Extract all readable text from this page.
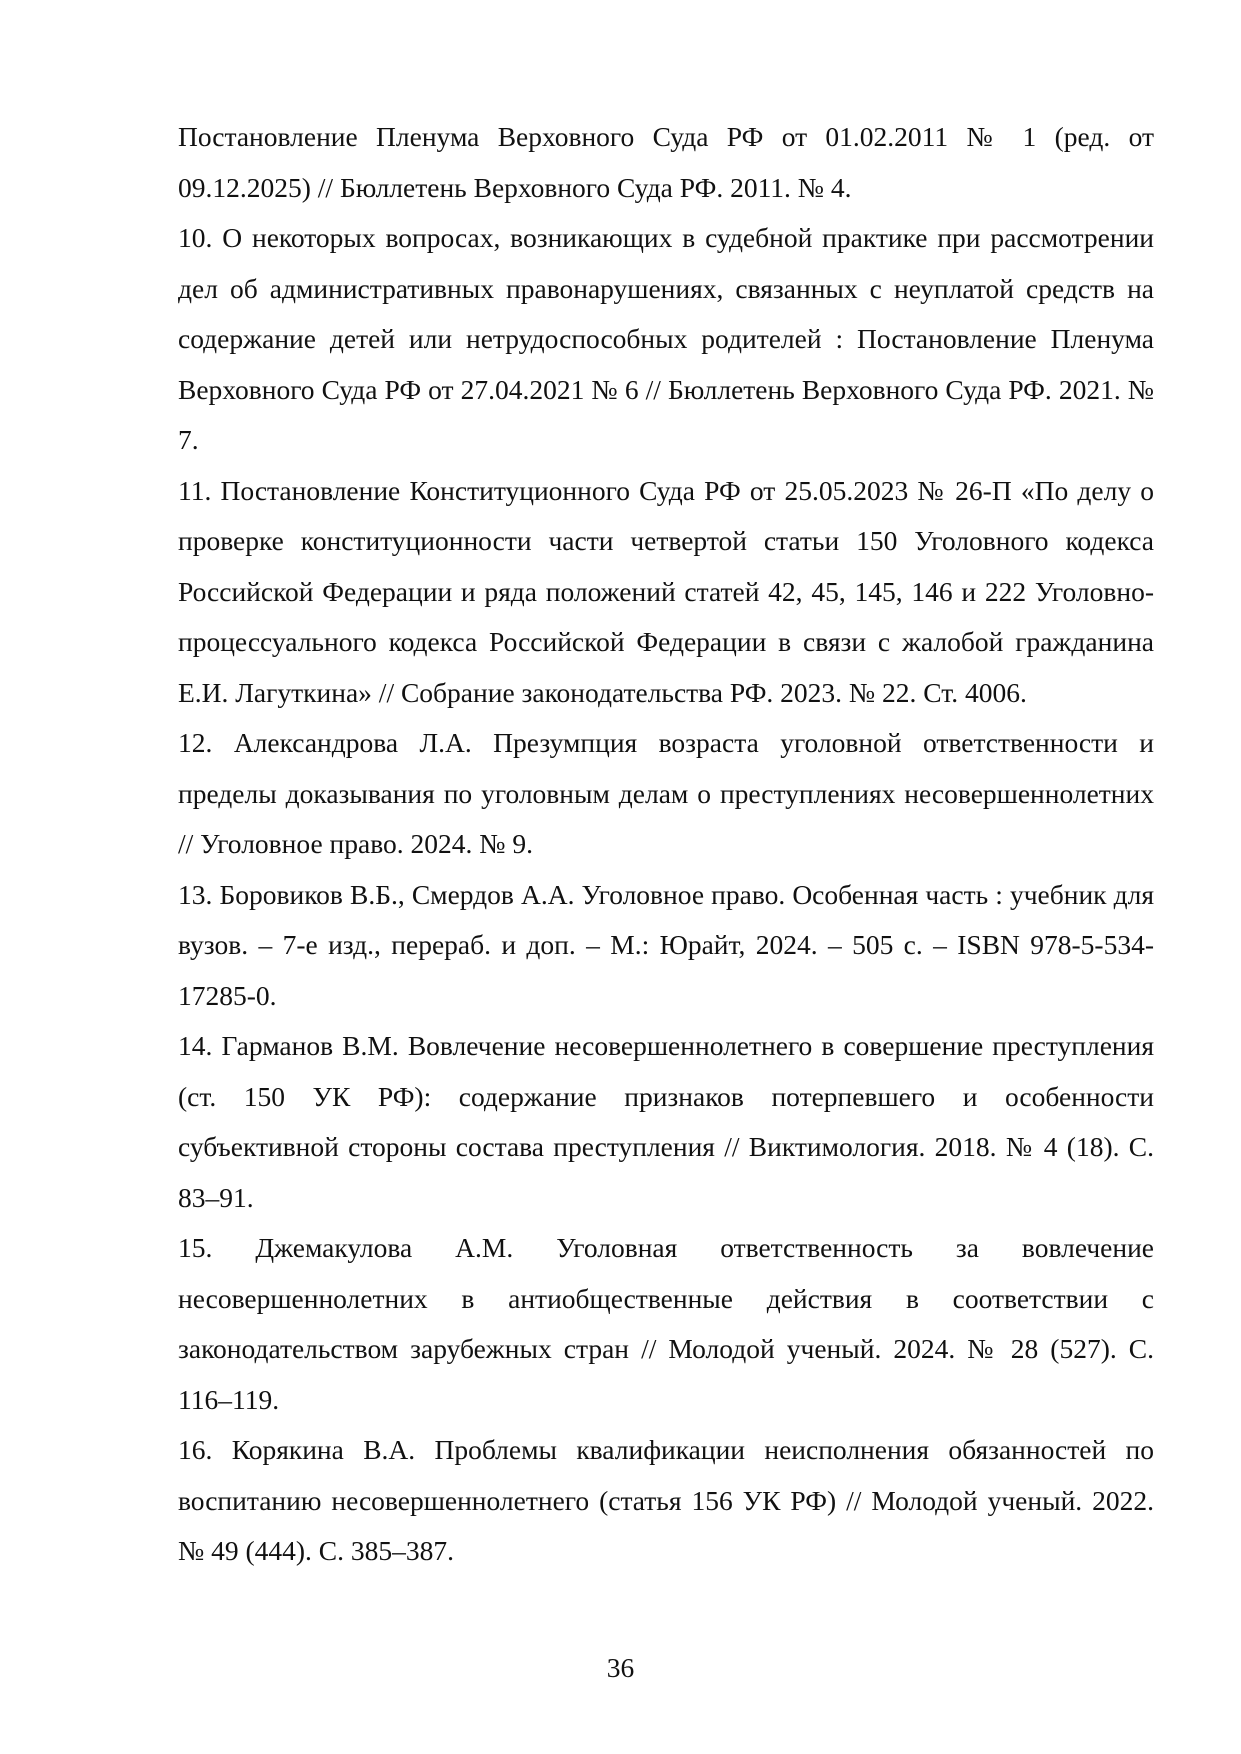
Постановление Пленума Верховного Суда РФ от 01.02.2011 № 1 (ред. от 09.12.2025) // Бюллетень Верховного Суда РФ. 2011. № 4.

10. О некоторых вопросах, возникающих в судебной практике при рассмотрении дел об административных правонарушениях, связанных с неуплатой средств на содержание детей или нетрудоспособных родителей : Постановление Пленума Верховного Суда РФ от 27.04.2021 № 6 // Бюллетень Верховного Суда РФ. 2021. № 7.

11. Постановление Конституционного Суда РФ от 25.05.2023 № 26-П «По делу о проверке конституционности части четвертой статьи 150 Уголовного кодекса Российской Федерации и ряда положений статей 42, 45, 145, 146 и 222 Уголовно-процессуального кодекса Российской Федерации в связи с жалобой гражданина Е.И. Лагуткина» // Собрание законодательства РФ. 2023. № 22. Ст. 4006.

12. Александрова Л.А. Презумпция возраста уголовной ответственности и пределы доказывания по уголовным делам о преступлениях несовершеннолетних // Уголовное право. 2024. № 9.

13. Боровиков В.Б., Смердов А.А. Уголовное право. Особенная часть : учебник для вузов. – 7-е изд., перераб. и доп. – М.: Юрайт, 2024. – 505 с. – ISBN 978-5-534-17285-0.

14. Гарманов В.М. Вовлечение несовершеннолетнего в совершение преступления (ст. 150 УК РФ): содержание признаков потерпевшего и особенности субъективной стороны состава преступления // Виктимология. 2018. № 4 (18). С. 83–91.

15. Джемакулова А.М. Уголовная ответственность за вовлечение несовершеннолетних в антиобщественные действия в соответствии с законодательством зарубежных стран // Молодой ученый. 2024. № 28 (527). С. 116–119.

16. Корякина В.А. Проблемы квалификации неисполнения обязанностей по воспитанию несовершеннолетнего (статья 156 УК РФ) // Молодой ученый. 2022. № 49 (444). С. 385–387.

36
